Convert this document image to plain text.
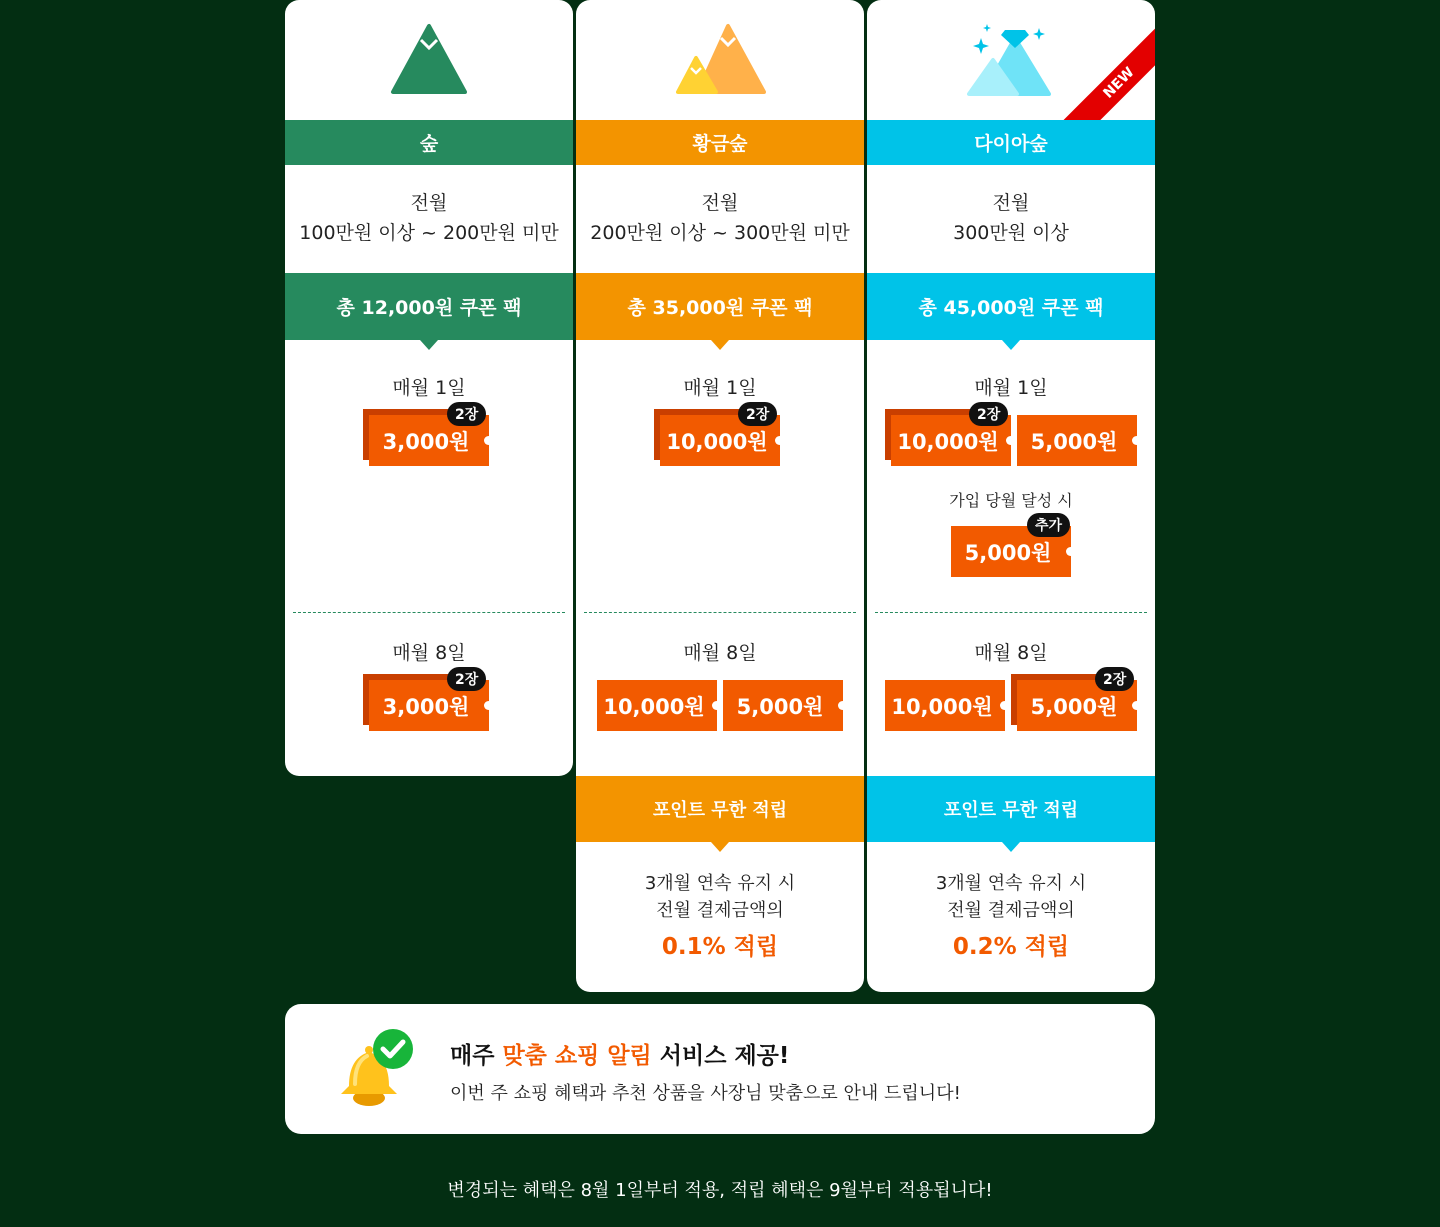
숲
전월
100만원 이상 ~ 200만원 미만
총 12,000원 쿠폰 팩
매월 1일
3,000원
2장
매월 8일
3,000원
2장
황금숲
전월
200만원 이상 ~ 300만원 미만
총 35,000원 쿠폰 팩
매월 1일
10,000원
2장
매월 8일
10,000원 5,000원
포인트 무한 적립
3개월 연속 유지 시
전월 결제금액의
0.1% 적립
NEW
다이아숲
전월
300만원 이상
총 45,000원 쿠폰 팩
매월 1일
10,000원
2장
5,000원
가입 당월 달성 시
5,000원
추가
매월 8일
10,000원 5,000원
2장
포인트 무한 적립
3개월 연속 유지 시
전월 결제금액의
0.2% 적립
매주 맞춤 쇼핑 알림 서비스 제공!
이번 주 쇼핑 혜택과 추천 상품을 사장님 맞춤으로 안내 드립니다!
변경되는 혜택은 8월 1일부터 적용, 적립 혜택은 9월부터 적용됩니다!
